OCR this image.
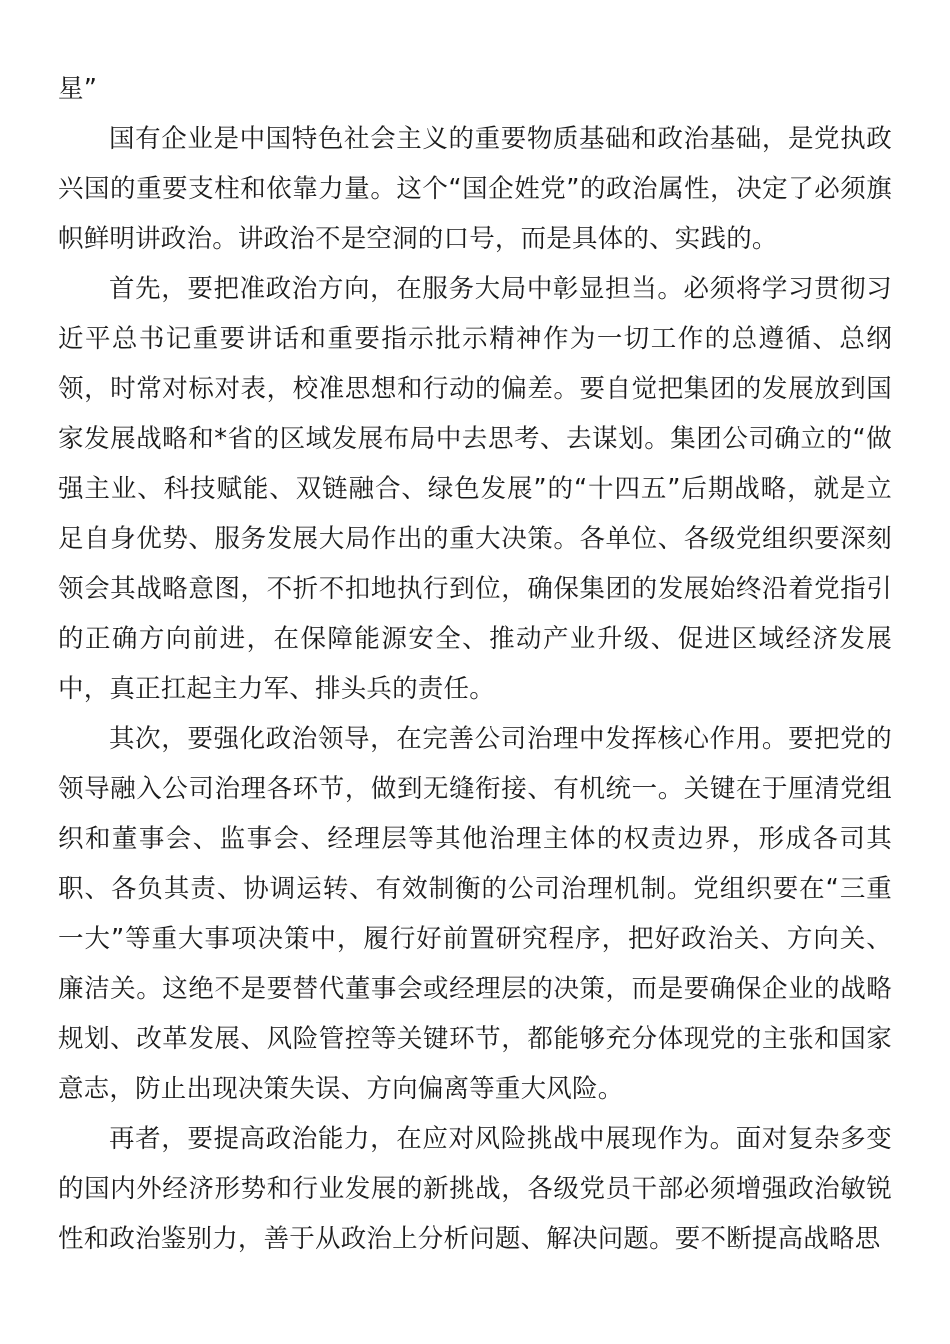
星”

国有企业是中国特色社会主义的重要物质基础和政治基础，是党执政兴国的重要支柱和依靠力量。这个“国企姓党”的政治属性，决定了必须旗帜鲜明讲政治。讲政治不是空洞的口号，而是具体的、实践的。

首先，要把准政治方向，在服务大局中彰显担当。必须将学习贯彻习近平总书记重要讲话和重要指示批示精神作为一切工作的总遵循、总纲领，时常对标对表，校准思想和行动的偏差。要自觉把集团的发展放到国家发展战略和*省的区域发展布局中去思考、去谋划。集团公司确立的“做强主业、科技赋能、双链融合、绿色发展”的“十四五”后期战略，就是立足自身优势、服务发展大局作出的重大决策。各单位、各级党组织要深刻领会其战略意图，不折不扣地执行到位，确保集团的发展始终沿着党指引的正确方向前进，在保障能源安全、推动产业升级、促进区域经济发展中，真正扛起主力军、排头兵的责任。

其次，要强化政治领导，在完善公司治理中发挥核心作用。要把党的领导融入公司治理各环节，做到无缝衔接、有机统一。关键在于厘清党组织和董事会、监事会、经理层等其他治理主体的权责边界，形成各司其职、各负其责、协调运转、有效制衡的公司治理机制。党组织要在“三重一大”等重大事项决策中，履行好前置研究程序，把好政治关、方向关、廉洁关。这绝不是要替代董事会或经理层的决策，而是要确保企业的战略规划、改革发展、风险管控等关键环节，都能够充分体现党的主张和国家意志，防止出现决策失误、方向偏离等重大风险。

再者，要提高政治能力，在应对风险挑战中展现作为。面对复杂多变的国内外经济形势和行业发展的新挑战，各级党员干部必须增强政治敏锐性和政治鉴别力，善于从政治上分析问题、解决问题。要不断提高战略思
